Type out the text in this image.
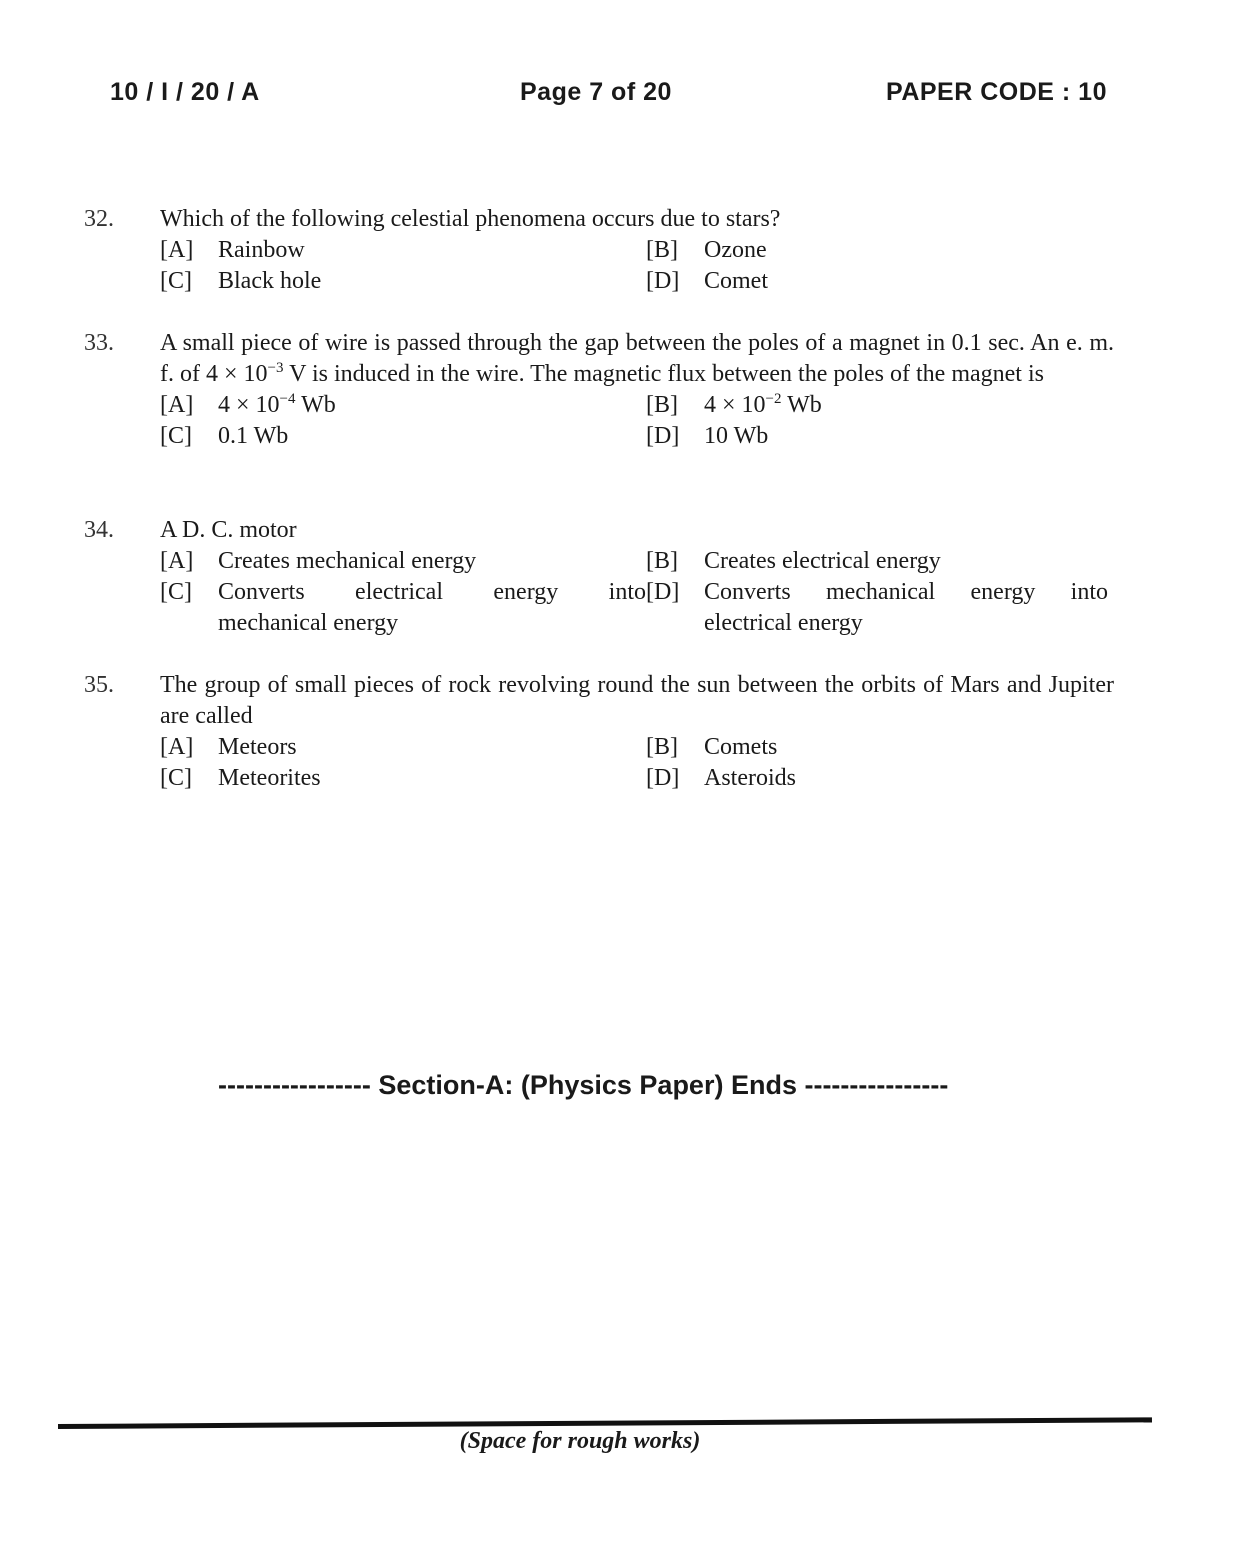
10 / I / 20 / A	Page 7 of 20	PAPER CODE : 10
32.	Which of the following celestial phenomena occurs due to stars?
[A]	Rainbow	[B]	Ozone
[C]	Black hole	[D]	Comet
33.	A small piece of wire is passed through the gap between the poles of a magnet in 0.1 sec. An e. m. f. of $4 \times 10^{-3}$ V is induced in the wire. The magnetic flux between the poles of the magnet is
[A]	$4 \times 10^{-4}$ Wb	[B]	$4 \times 10^{-2}$ Wb
[C]	0.1 Wb	[D]	10 Wb
34.	A D. C. motor
[A]	Creates mechanical energy	[B]	Creates electrical energy
[C]	Converts electrical energy into
mechanical energy
[D]	Converts mechanical energy into
electrical energy
35.	The group of small pieces of rock revolving round the sun between the orbits of Mars and Jupiter are called
[A]	Meteors	[B]	Comets
[C]	Meteorites	[D]	Asteroids
----------------- Section-A: (Physics Paper) Ends ----------------
(Space for rough works)
